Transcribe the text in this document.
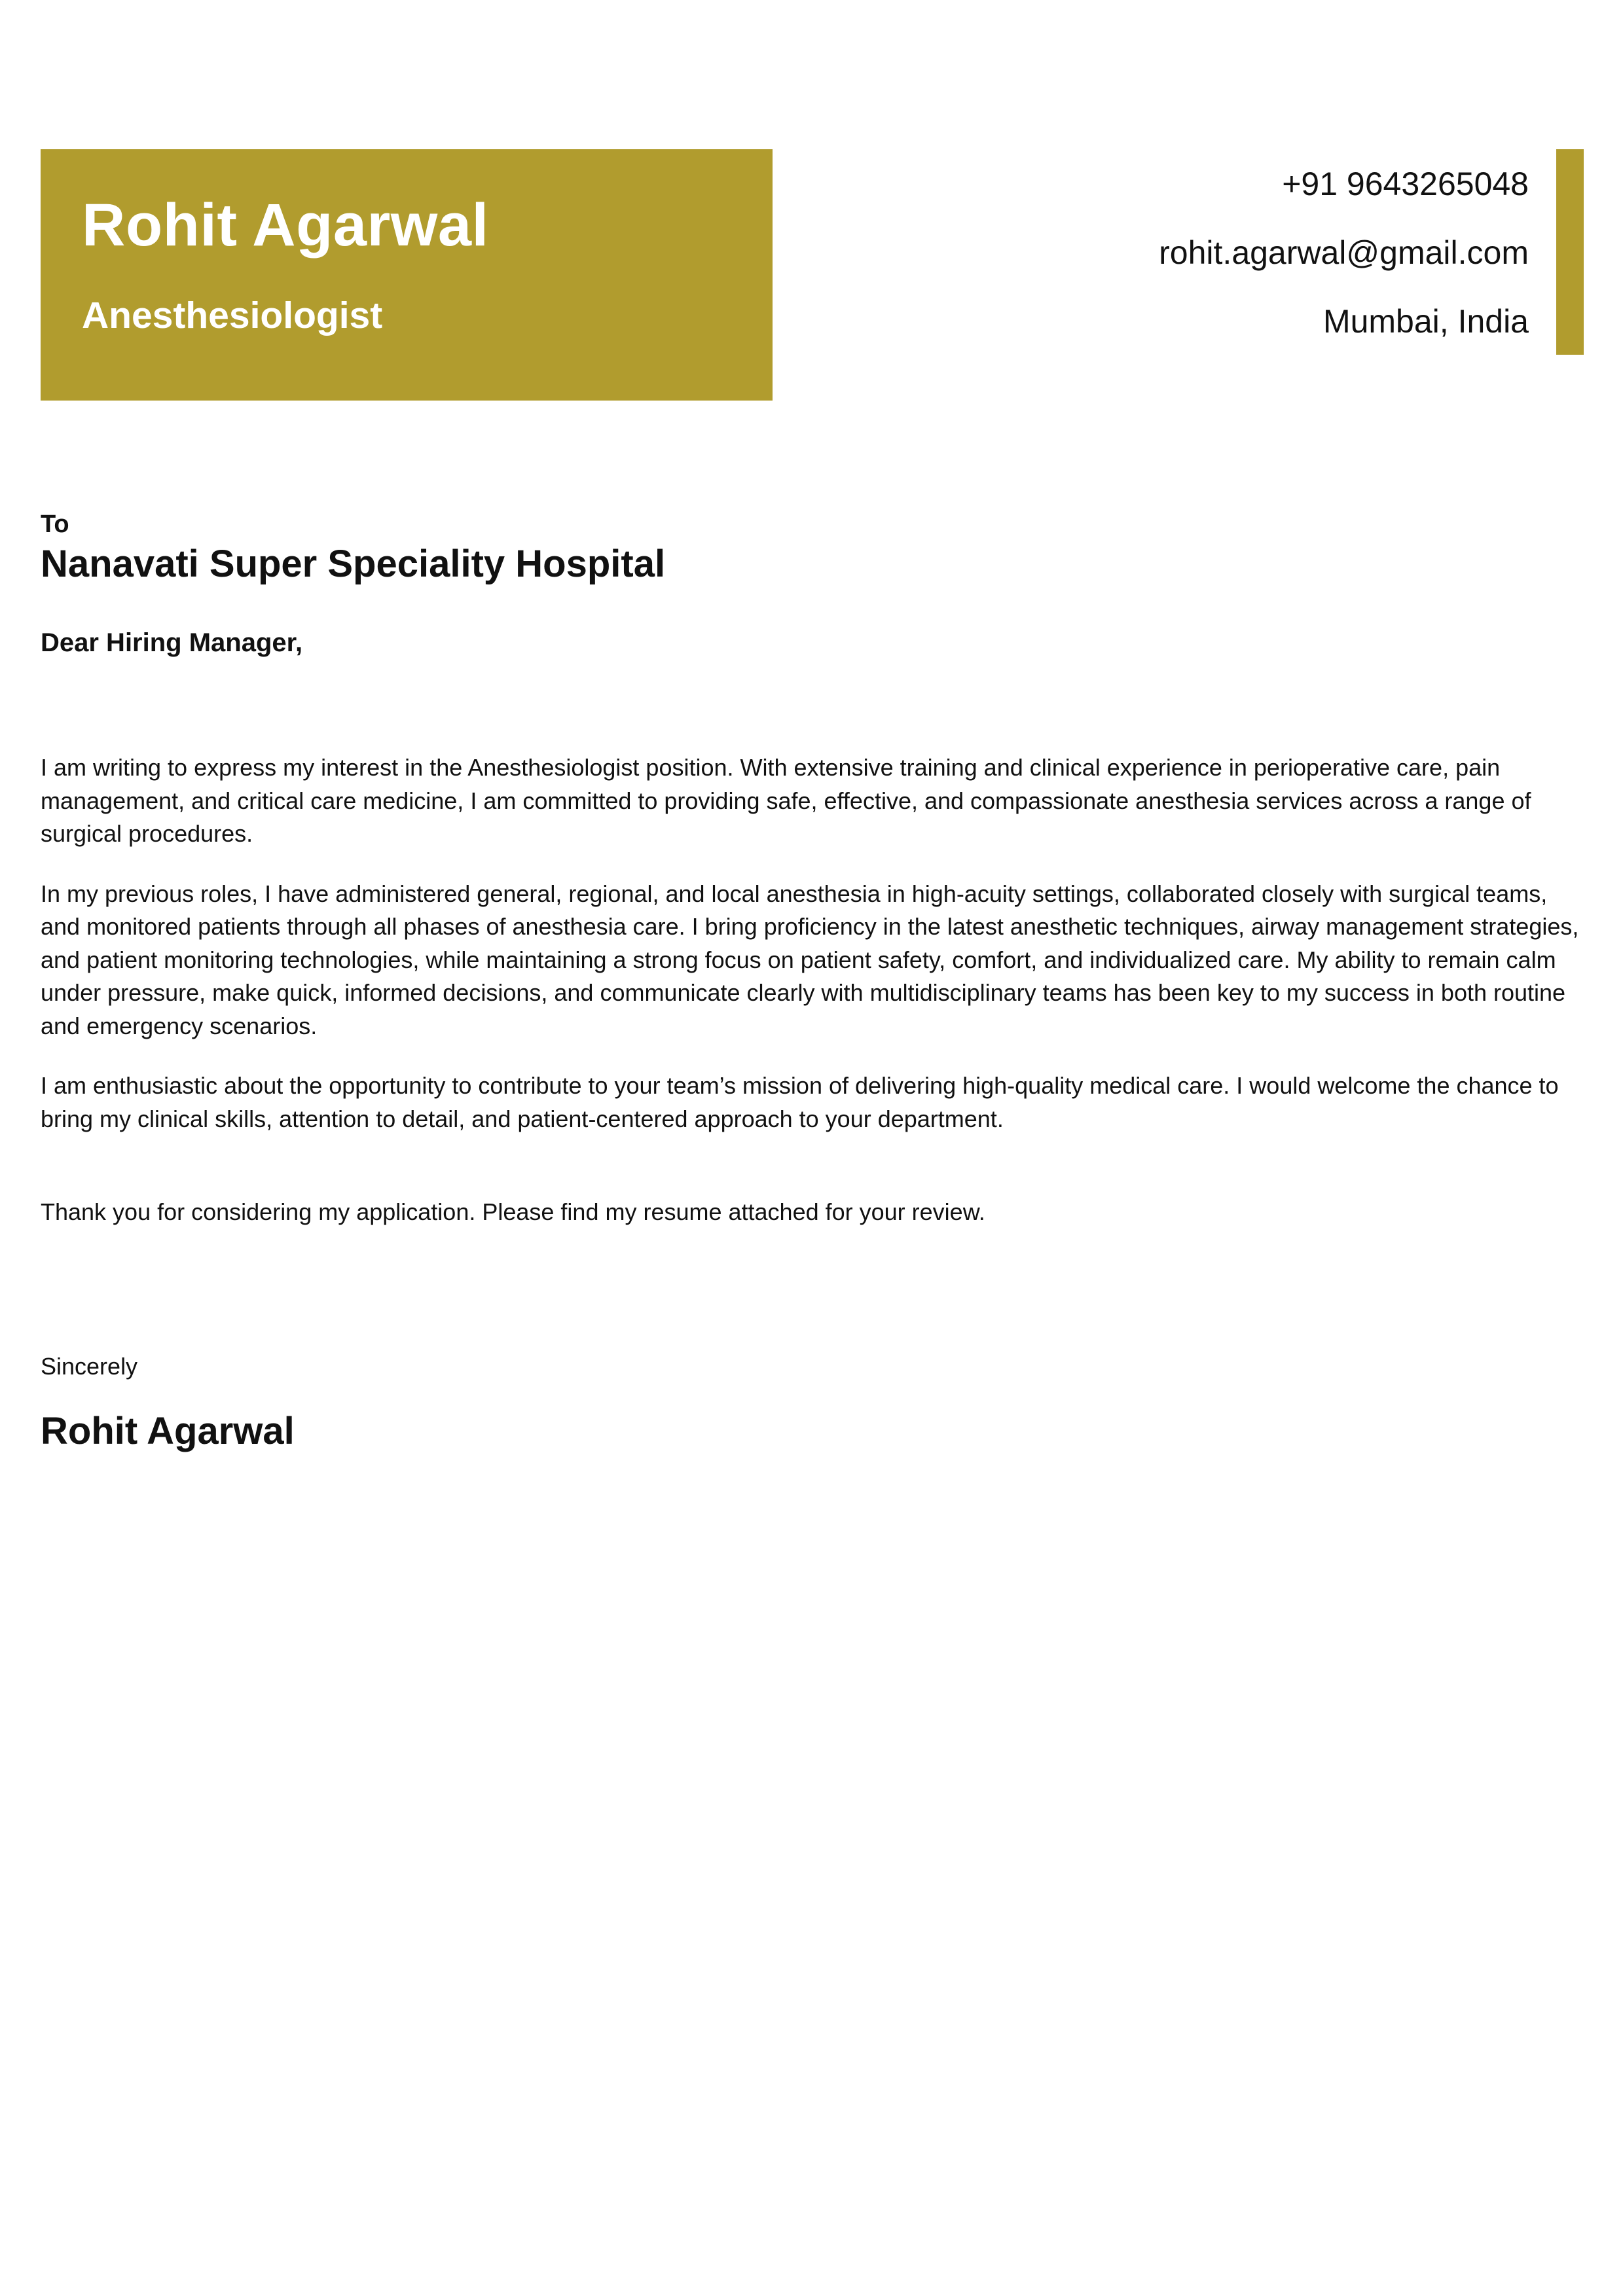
Rohit Agarwal
Anesthesiologist
+91 9643265048
rohit.agarwal@gmail.com
Mumbai, India

To

Nanavati Super Speciality Hospital

Dear Hiring Manager,

I am writing to express my interest in the Anesthesiologist position. With extensive training and clinical experience in perioperative care, pain management, and critical care medicine, I am committed to providing safe, effective, and compassionate anesthesia services across a range of surgical procedures.

In my previous roles, I have administered general, regional, and local anesthesia in high-acuity settings, collaborated closely with surgical teams, and monitored patients through all phases of anesthesia care. I bring proficiency in the latest anesthetic techniques, airway management strategies, and patient monitoring technologies, while maintaining a strong focus on patient safety, comfort, and individualized care. My ability to remain calm under pressure, make quick, informed decisions, and communicate clearly with multidisciplinary teams has been key to my success in both routine and emergency scenarios.

I am enthusiastic about the opportunity to contribute to your team’s mission of delivering high-quality medical care. I would welcome the chance to bring my clinical skills, attention to detail, and patient-centered approach to your department.

Thank you for considering my application. Please find my resume attached for your review.

Sincerely

Rohit Agarwal
